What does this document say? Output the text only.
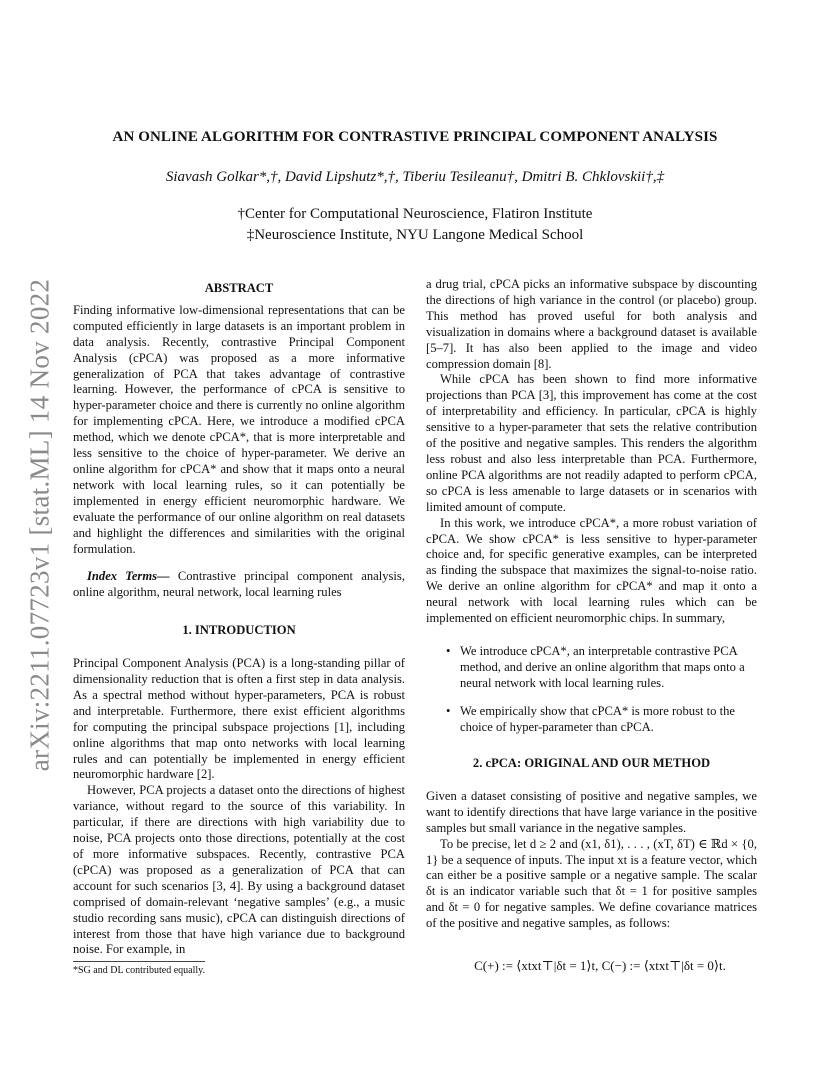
arXiv:2211.07723v1 [stat.ML] 14 Nov 2022
AN ONLINE ALGORITHM FOR CONTRASTIVE PRINCIPAL COMPONENT ANALYSIS
Siavash Golkar*,†, David Lipshutz*,†, Tiberiu Tesileanu†, Dmitri B. Chklovskii†,‡
†Center for Computational Neuroscience, Flatiron Institute
‡Neuroscience Institute, NYU Langone Medical School

ABSTRACT

Finding informative low-dimensional representations that can be computed efficiently in large datasets is an important problem in data analysis. Recently, contrastive Principal Component Analysis (cPCA) was proposed as a more informative generalization of PCA that takes advantage of contrastive learning. However, the performance of cPCA is sensitive to hyper-parameter choice and there is currently no online algorithm for implementing cPCA. Here, we introduce a modified cPCA method, which we denote cPCA*, that is more interpretable and less sensitive to the choice of hyper-parameter. We derive an online algorithm for cPCA* and show that it maps onto a neural network with local learning rules, so it can potentially be implemented in energy efficient neuromorphic hardware. We evaluate the performance of our online algorithm on real datasets and highlight the differences and similarities with the original formulation.

Index Terms— Contrastive principal component analysis, online algorithm, neural network, local learning rules

1. INTRODUCTION

Principal Component Analysis (PCA) is a long-standing pillar of dimensionality reduction that is often a first step in data analysis. As a spectral method without hyper-parameters, PCA is robust and interpretable. Furthermore, there exist efficient algorithms for computing the principal subspace projections [1], including online algorithms that map onto networks with local learning rules and can potentially be implemented in energy efficient neuromorphic hardware [2].

However, PCA projects a dataset onto the directions of highest variance, without regard to the source of this variability. In particular, if there are directions with high variability due to noise, PCA projects onto those directions, potentially at the cost of more informative subspaces. Recently, contrastive PCA (cPCA) was proposed as a generalization of PCA that can account for such scenarios [3, 4]. By using a background dataset comprised of domain-relevant ‘negative samples’ (e.g., a music studio recording sans music), cPCA can distinguish directions of interest from those that have high variance due to background noise. For example, in

*SG and DL contributed equally.

a drug trial, cPCA picks an informative subspace by discounting the directions of high variance in the control (or placebo) group. This method has proved useful for both analysis and visualization in domains where a background dataset is available [5–7]. It has also been applied to the image and video compression domain [8].

While cPCA has been shown to find more informative projections than PCA [3], this improvement has come at the cost of interpretability and efficiency. In particular, cPCA is highly sensitive to a hyper-parameter that sets the relative contribution of the positive and negative samples. This renders the algorithm less robust and also less interpretable than PCA. Furthermore, online PCA algorithms are not readily adapted to perform cPCA, so cPCA is less amenable to large datasets or in scenarios with limited amount of compute.

In this work, we introduce cPCA*, a more robust variation of cPCA. We show cPCA* is less sensitive to hyper-parameter choice and, for specific generative examples, can be interpreted as finding the subspace that maximizes the signal-to-noise ratio. We derive an online algorithm for cPCA* and map it onto a neural network with local learning rules which can be implemented on efficient neuromorphic chips. In summary,

• We introduce cPCA*, an interpretable contrastive PCA method, and derive an online algorithm that maps onto a neural network with local learning rules.
• We empirically show that cPCA* is more robust to the choice of hyper-parameter than cPCA.

2. cPCA: ORIGINAL AND OUR METHOD

Given a dataset consisting of positive and negative samples, we want to identify directions that have large variance in the positive samples but small variance in the negative samples.

To be precise, let d ≥ 2 and (x1, δ1), . . . , (xT, δT) ∈ ℝd × {0, 1} be a sequence of inputs. The input xt is a feature vector, which can either be a positive sample or a negative sample. The scalar δt is an indicator variable such that δt = 1 for positive samples and δt = 0 for negative samples. We define covariance matrices of the positive and negative samples, as follows:

C(+) := ⟨xtxt⊤|δt = 1⟩t, C(−) := ⟨xtxt⊤|δt = 0⟩t.
